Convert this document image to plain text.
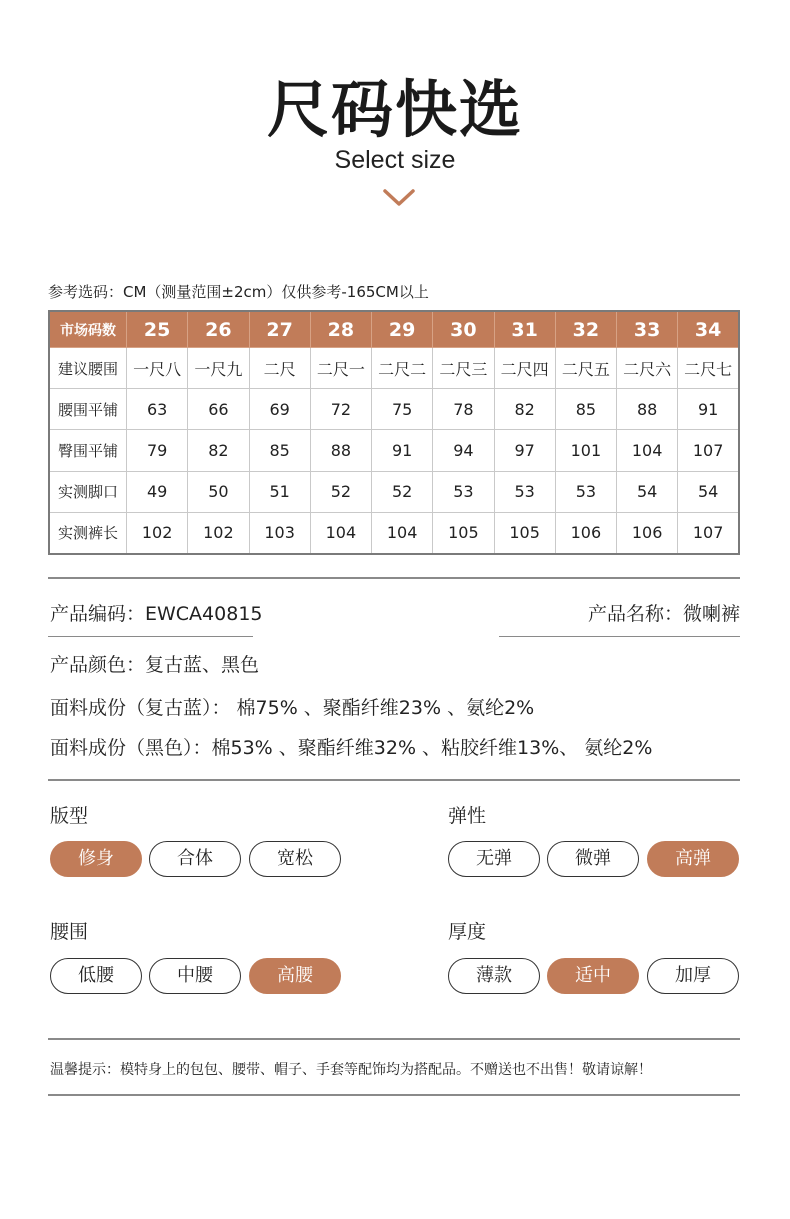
尺码快选
Select size
参考选码：CM（测量范围±2cm）仅供参考-165CM以上
市场码数	25	26	27	28	29	30	31	32	33	34
建议腰围	一尺八	一尺九	二尺	二尺一	二尺二	二尺三	二尺四	二尺五	二尺六	二尺七
腰围平铺	63	66	69	72	75	78	82	85	88	91
臀围平铺	79	82	85	88	91	94	97	101	104	107
实测脚口	49	50	51	52	52	53	53	53	54	54
实测裤长	102	102	103	104	104	105	105	106	106	107
产品编码：EWCA40815	产品名称：微喇裤
产品颜色：复古蓝、黑色
面料成份（复古蓝）： 棉75% 、聚酯纤维23% 、氨纶2%
面料成份（黑色）：棉53% 、聚酯纤维32% 、粘胶纤维13%、 氨纶2%
版型
修身	合体	宽松
弹性
无弹	微弹	高弹
腰围
低腰	中腰	高腰
厚度
薄款	适中	加厚
温馨提示：模特身上的包包、腰带、帽子、手套等配饰均为搭配品。不赠送也不出售！敬请谅解！
